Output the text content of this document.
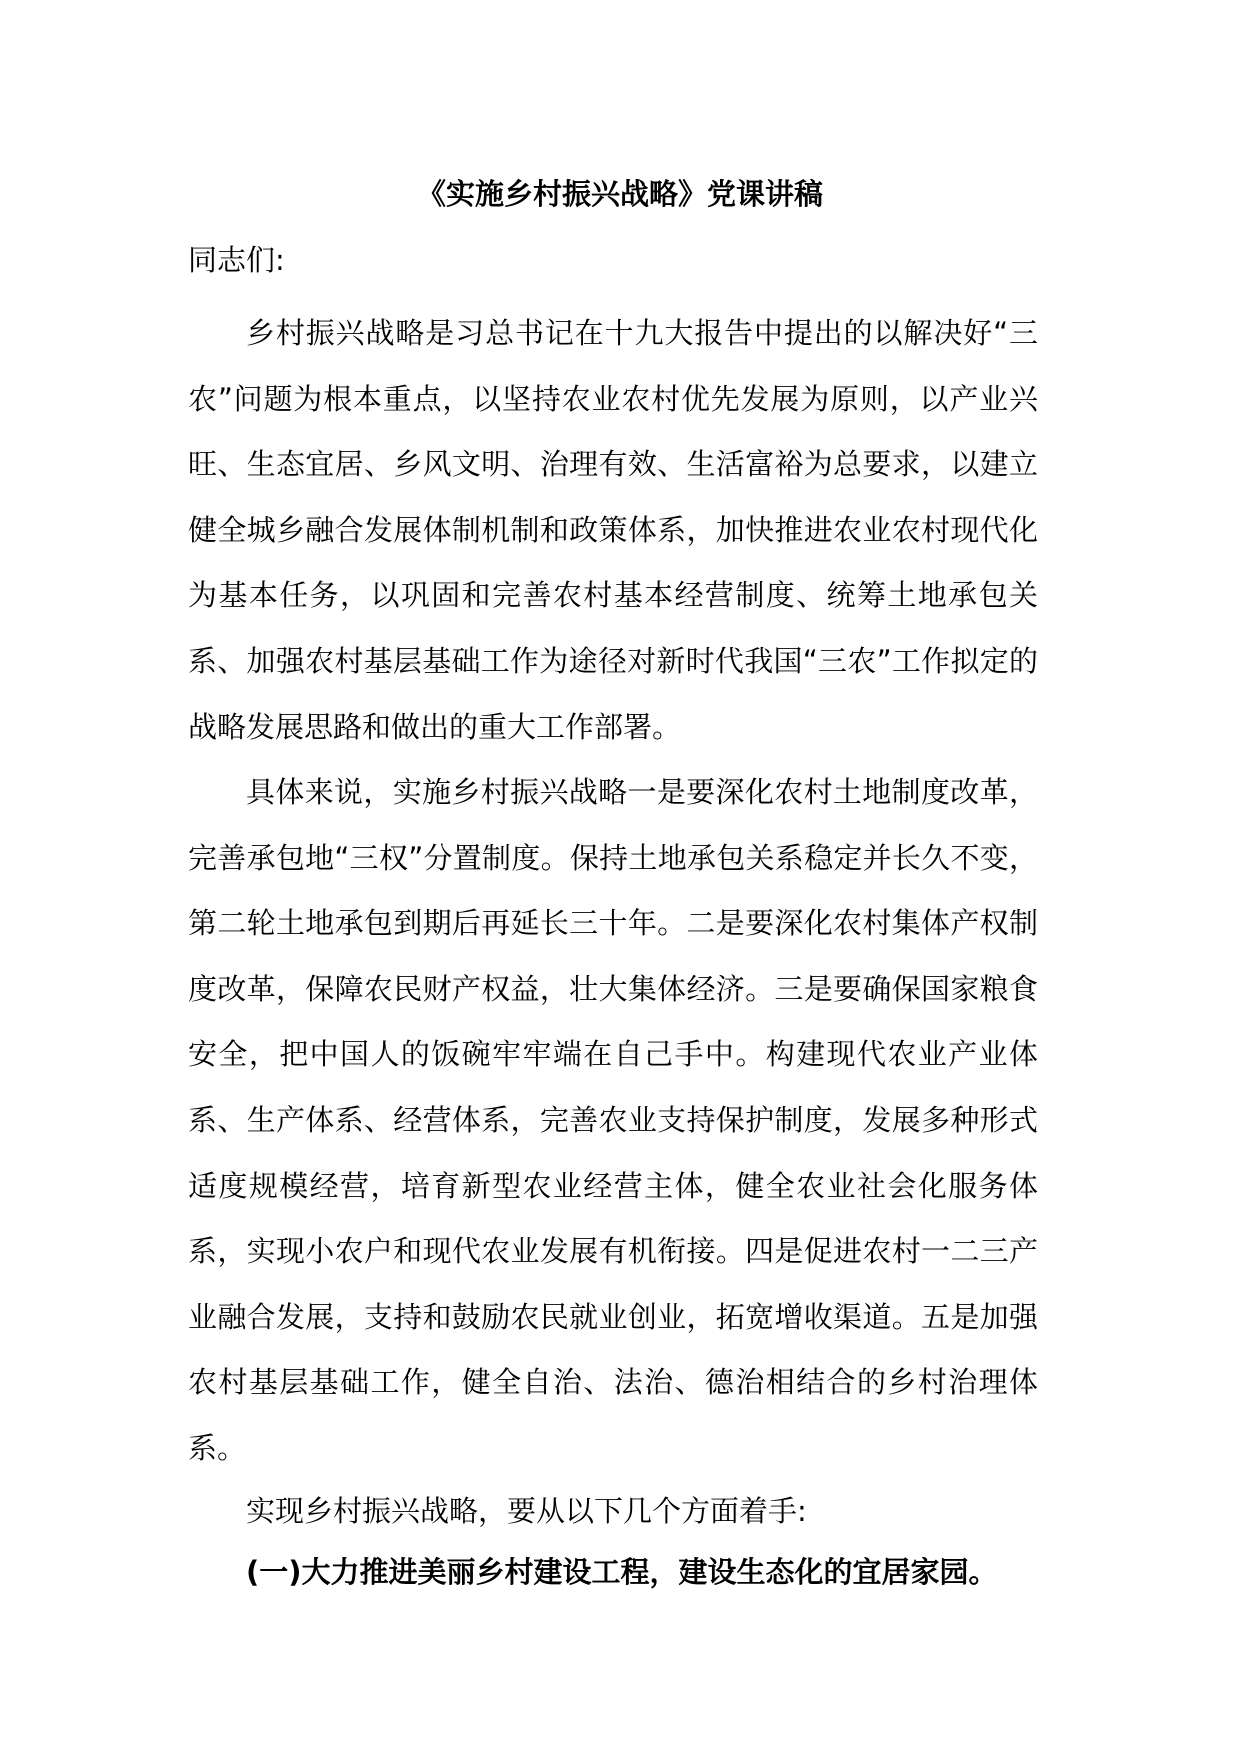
《实施乡村振兴战略》党课讲稿

同志们:

乡村振兴战略是习总书记在十九大报告中提出的以解决好“三农”问题为根本重点，以坚持农业农村优先发展为原则，以产业兴旺、生态宜居、乡风文明、治理有效、生活富裕为总要求，以建立健全城乡融合发展体制机制和政策体系，加快推进农业农村现代化为基本任务，以巩固和完善农村基本经营制度、统筹土地承包关系、加强农村基层基础工作为途径对新时代我国“三农”工作拟定的战略发展思路和做出的重大工作部署。

具体来说，实施乡村振兴战略一是要深化农村土地制度改革，完善承包地“三权”分置制度。保持土地承包关系稳定并长久不变，第二轮土地承包到期后再延长三十年。二是要深化农村集体产权制度改革，保障农民财产权益，壮大集体经济。三是要确保国家粮食安全，把中国人的饭碗牢牢端在自己手中。构建现代农业产业体系、生产体系、经营体系，完善农业支持保护制度，发展多种形式适度规模经营，培育新型农业经营主体，健全农业社会化服务体系，实现小农户和现代农业发展有机衔接。四是促进农村一二三产业融合发展，支持和鼓励农民就业创业，拓宽增收渠道。五是加强农村基层基础工作，健全自治、法治、德治相结合的乡村治理体系。

实现乡村振兴战略，要从以下几个方面着手:

(一)大力推进美丽乡村建设工程，建设生态化的宜居家园。
